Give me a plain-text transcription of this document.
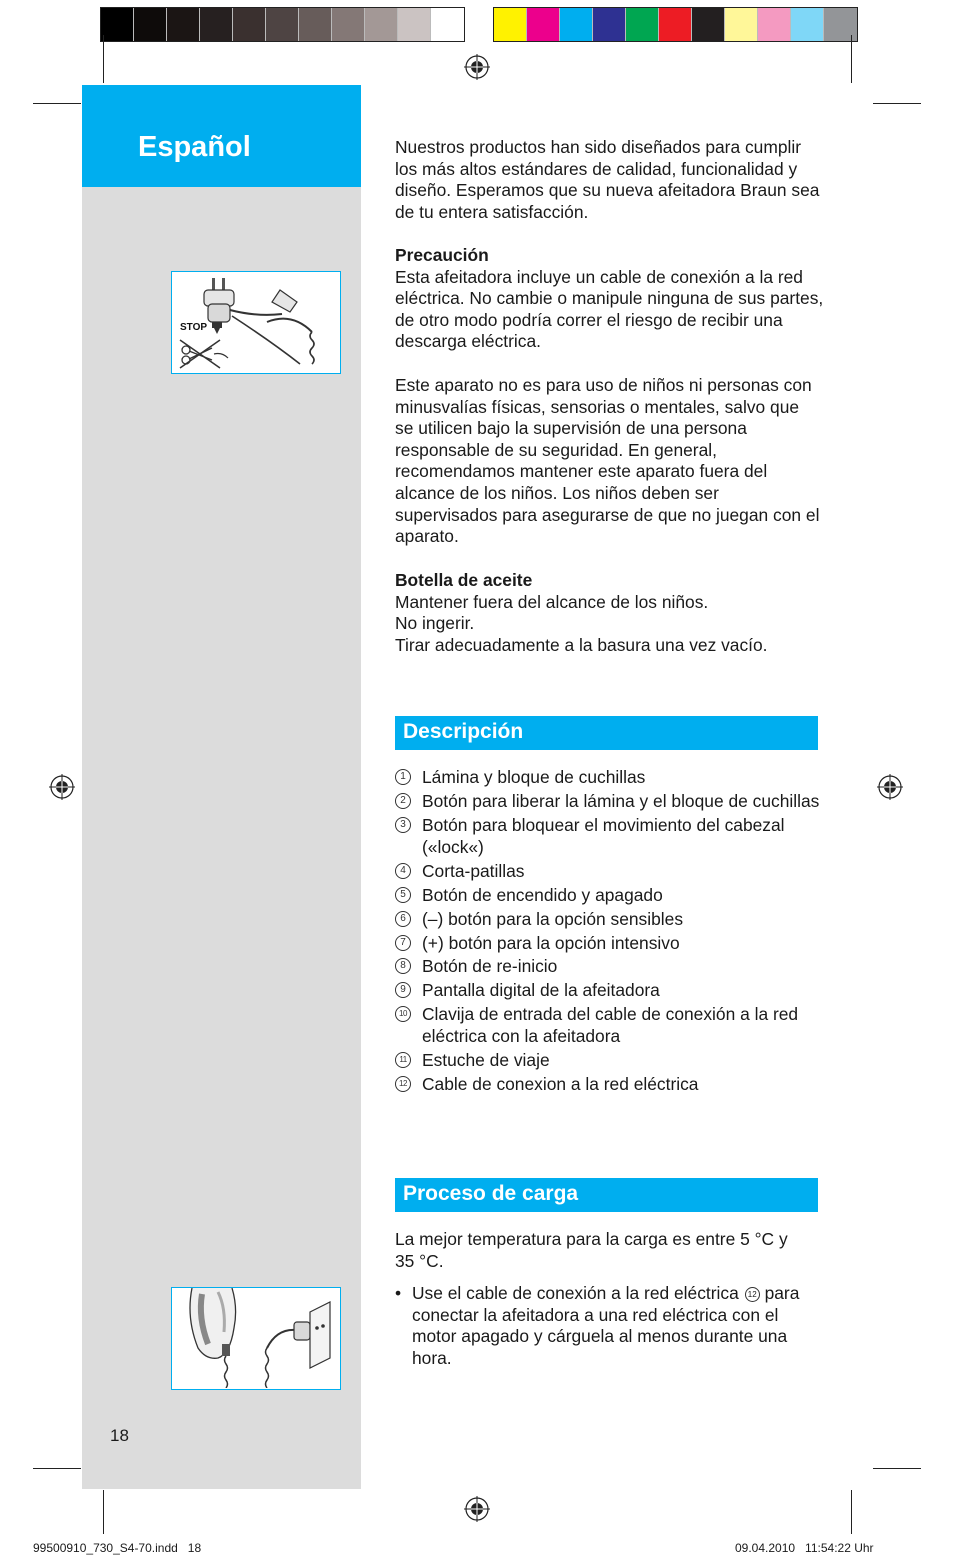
Español
STOP
18

Nuestros productos han sido diseñados para cumplir los más altos estándares de calidad, funcionalidad y diseño. Esperamos que su nueva afeitadora Braun sea de tu entera satisfacción.

Precaución

Esta afeitadora incluye un cable de conexión a la red eléctrica. No cambie o manipule ninguna de sus partes, de otro modo podría correr el riesgo de recibir una descarga eléctrica.

Este aparato no es para uso de niños ni personas con minusvalías físicas, sensorias o mentales, salvo que se utilicen bajo la supervisión de una persona responsable de su seguridad. En general, recomendamos mantener este aparato fuera del alcance de los niños. Los niños deben ser supervisados para asegurarse de que no juegan con el aparato.

Botella de aceite

Mantener fuera del alcance de los niños.

No ingerir.

Tirar adecuadamente a la basura una vez vacío.

Descripción
1 Lámina y bloque de cuchillas
2 Botón para liberar la lámina y el bloque de cuchillas
3 Botón para bloquear el movimiento del cabezal («lock«)
4 Corta-patillas
5 Botón de encendido y apagado
6 (–) botón para la opción sensibles
7 (+) botón para la opción intensivo
8 Botón de re-inicio
9 Pantalla digital de la afeitadora
10 Clavija de entrada del cable de conexión a la red eléctrica con la afeitadora
11 Estuche de viaje
12 Cable de conexion a la red eléctrica
Proceso de carga

La mejor temperatura para la carga es entre 5 °C y 35 °C.

• Use el cable de conexión a la red eléctrica 12 para conectar la afeitadora a una red eléctrica con el motor apagado y cárguela al menos durante una hora.
99500910_730_S4-70.indd   18	09.04.2010   11:54:22 Uhr
